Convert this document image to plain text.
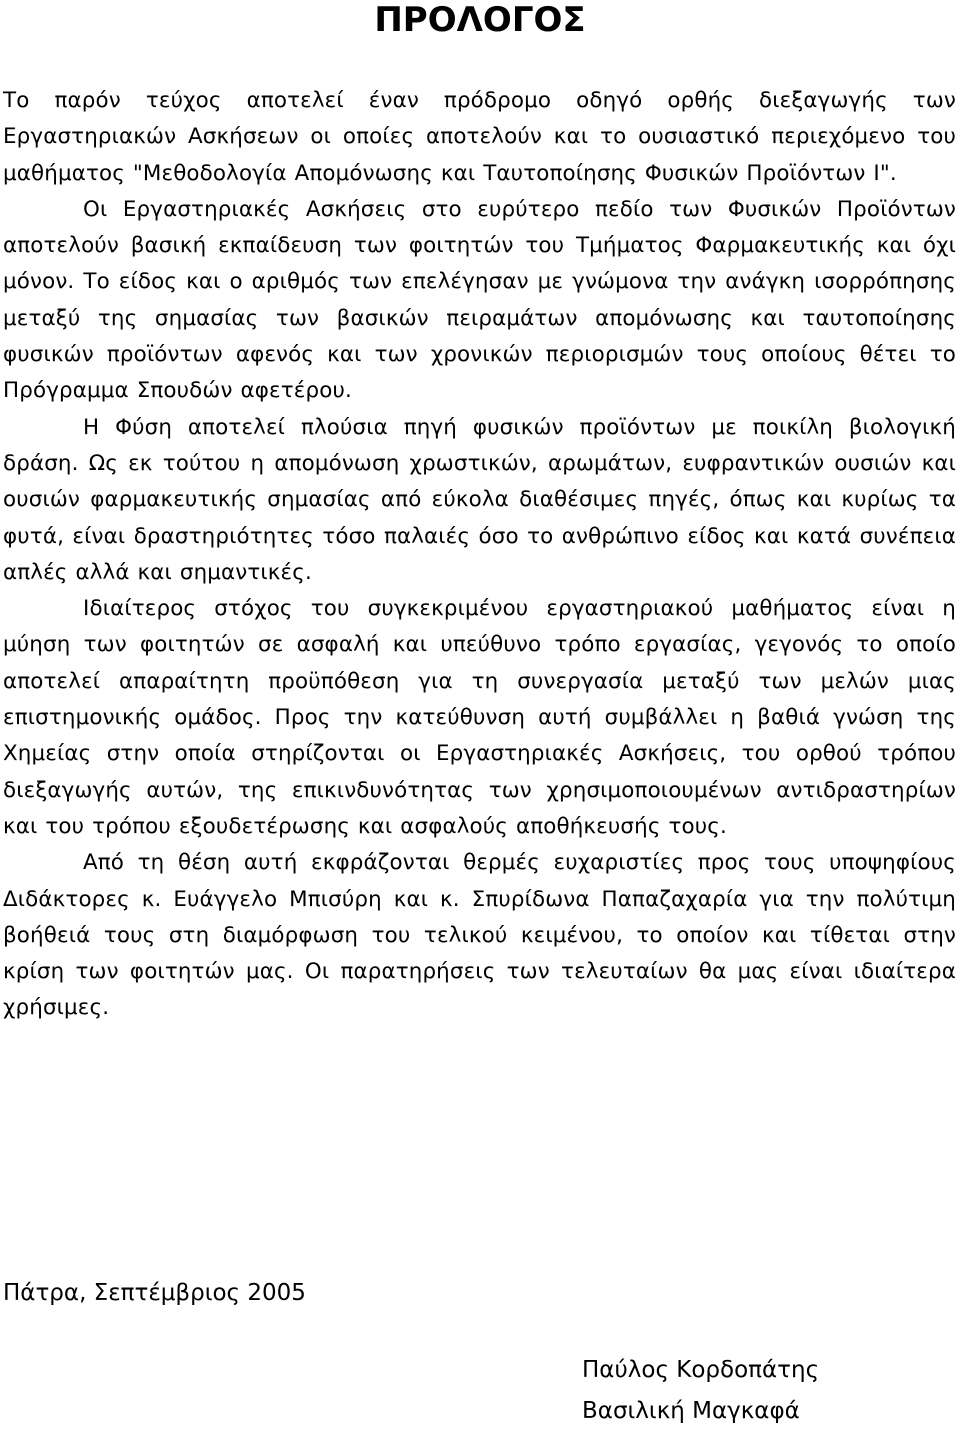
ΠΡΟΛΟΓΟΣ

Το παρόν τεύχος αποτελεί έναν πρόδρομο οδηγό ορθής διεξαγωγής των Εργαστηριακών Ασκήσεων οι οποίες αποτελούν και το ουσιαστικό περιεχόμενο του μαθήματος "Μεθοδολογία Απομόνωσης και Ταυτοποίησης Φυσικών Προϊόντων Ι".

Οι Εργαστηριακές Ασκήσεις στο ευρύτερο πεδίο των Φυσικών Προϊόντων αποτελούν βασική εκπαίδευση των φοιτητών του Τμήματος Φαρμακευτικής και όχι μόνον. Το είδος και ο αριθμός των επελέγησαν με γνώμονα την ανάγκη ισορρόπησης μεταξύ της σημασίας των βασικών πειραμάτων απομόνωσης και ταυτοποίησης φυσικών προϊόντων αφενός και των χρονικών περιορισμών τους οποίους θέτει το Πρόγραμμα Σπουδών αφετέρου.

Η Φύση αποτελεί πλούσια πηγή φυσικών προϊόντων με ποικίλη βιολογική δράση. Ως εκ τούτου η απομόνωση χρωστικών, αρωμάτων, ευφραντικών ουσιών και ουσιών φαρμακευτικής σημασίας από εύκολα διαθέσιμες πηγές, όπως και κυρίως τα φυτά, είναι δραστηριότητες τόσο παλαιές όσο το ανθρώπινο είδος και κατά συνέπεια απλές αλλά και σημαντικές.

Ιδιαίτερος στόχος του συγκεκριμένου εργαστηριακού μαθήματος είναι η μύηση των φοιτητών σε ασφαλή και υπεύθυνο τρόπο εργασίας, γεγονός το οποίο αποτελεί απαραίτητη προϋπόθεση για τη συνεργασία μεταξύ των μελών μιας επιστημονικής ομάδος. Προς την κατεύθυνση αυτή συμβάλλει η βαθιά γνώση της Χημείας στην οποία στηρίζονται οι Εργαστηριακές Ασκήσεις, του ορθού τρόπου διεξαγωγής αυτών, της επικινδυνότητας των χρησιμοποιουμένων αντιδραστηρίων και του τρόπου εξουδετέρωσης και ασφαλούς αποθήκευσής τους.

Από τη θέση αυτή εκφράζονται θερμές ευχαριστίες προς τους υποψηφίους Διδάκτορες κ. Ευάγγελο Μπισύρη και κ. Σπυρίδωνα Παπαζαχαρία για την πολύτιμη βοήθειά τους στη διαμόρφωση του τελικού κειμένου, το οποίον και τίθεται στην κρίση των φοιτητών μας. Οι παρατηρήσεις των τελευταίων θα μας είναι ιδιαίτερα χρήσιμες.

Πάτρα, Σεπτέμβριος 2005

Παύλος Κορδοπάτης
Βασιλική Μαγκαφά
